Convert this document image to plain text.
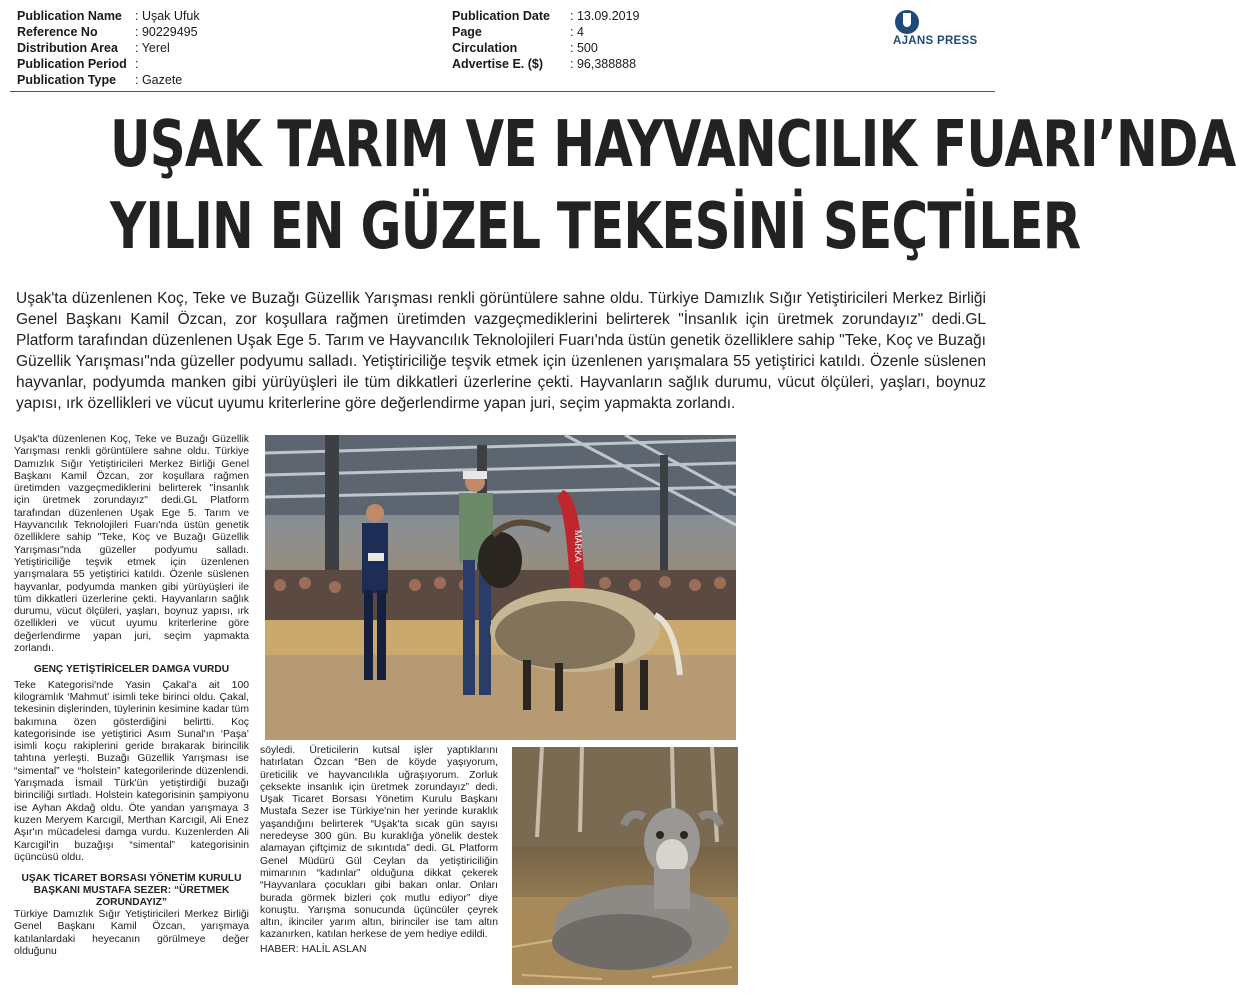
Publication Name	: Uşak Ufuk
Reference No	: 90229495
Distribution Area	: Yerel
Publication Period :
Publication Type	: Gazete
Publication Date	: 13.09.2019
Page	: 4
Circulation	: 500
Advertise E. ($)	: 96,388888
AJANS PRESS
UŞAK TARIM VE HAYVANCILIK FUARI’NDA
YILIN EN GÜZEL TEKESİNİ SEÇTİLER
Uşak'ta düzenlenen Koç, Teke ve Buzağı Güzellik Yarışması renkli görüntülere sahne oldu. Türkiye Damızlık Sığır Yetiştiricileri Merkez Birliği Genel Başkanı Kamil Özcan, zor koşullara rağmen üretimden vazgeçmediklerini belirterek "İnsanlık için üretmek zorundayız" dedi.GL Platform tarafından düzenlenen Uşak Ege 5. Tarım ve Hayvancılık Teknolojileri Fuarı'nda üstün genetik özelliklere sahip "Teke, Koç ve Buzağı Güzellik Yarışması"nda güzeller podyumu salladı. Yetiştiriciliğe teşvik etmek için üzenlenen yarışmalara 55 yetiştirici katıldı. Özenle süslenen hayvanlar, podyumda manken gibi yürüyüşleri ile tüm dikkatleri üzerlerine çekti. Hayvanların sağlık durumu, vücut ölçüleri, yaşları, boynuz yapısı, ırk özellikleri ve vücut uyumu kriterlerine göre değerlendirme yapan juri, seçim yapmakta zorlandı.

Uşak'ta düzenlenen Koç, Teke ve Buzağı Güzellik Yarışması renkli görüntülere sahne oldu. Türkiye Damızlık Sığır Yetiştiricileri Merkez Birliği Genel Başkanı Kamil Özcan, zor koşullara rağmen üretimden vazgeçmediklerini belirterek "İnsanlık için üretmek zorundayız" dedi.GL Platform tarafından düzenlenen Uşak Ege 5. Tarım ve Hayvancılık Teknolojileri Fuarı'nda üstün genetik özelliklere sahip "Teke, Koç ve Buzağı Güzellik Yarışması"nda güzeller podyumu salladı. Yetiştiriciliğe teşvik etmek için üzenlenen yarışmalara 55 yetiştirici katıldı. Özenle süslenen hayvanlar, podyumda manken gibi yürüyüşleri ile tüm dikkatleri üzerlerine çekti. Hayvanların sağlık durumu, vücut ölçüleri, yaşları, boynuz yapısı, ırk özellikleri ve vücut uyumu kriterlerine göre değerlendirme yapan juri, seçim yapmakta zorlandı.

GENÇ YETİŞTİRİCELER DAMGA VURDU

Teke Kategorisi'nde Yasin Çakal'a ait 100 kilogramlık ‘Mahmut’ isimli teke birinci oldu. Çakal, tekesinin dişlerinden, tüylerinin kesimine kadar tüm bakımına özen gösterdiğini belirtti. Koç kategorisinde ise yetiştirici Asım Sunal'ın ‘Paşa’ isimli koçu rakiplerini geride bırakarak birincilik tahtına yerleşti. Buzağı Güzellik Yarışması ise “simental” ve “holstein” kategorilerinde düzenlendi. Yarışmada İsmail Türk'ün yetiştirdiği buzağı birinciliği sırtladı. Holstein kategorisinin şampiyonu ise Ayhan Akdağ oldu. Öte yandan yarışmaya 3 kuzen Meryem Karcıgil, Merthan Karcıgil, Ali Enez Aşır'ın mücadelesi damga vurdu. Kuzenlerden Ali Karcıgil'in buzağışı “simental” kategorisinin üçüncüsü oldu.

UŞAK TİCARET BORSASI YÖNETİM KURULU BAŞKANI MUSTAFA SEZER: “ÜRETMEK ZORUNDAYIZ”

Türkiye Damızlık Sığır Yetiştiricileri Merkez Birliği Genel Başkanı Kamil Özcan, yarışmaya katılanlardaki heyecanın görülmeye değer olduğunu

söyledi. Üreticilerin kutsal işler yaptıklarını hatırlatan Özcan “Ben de köyde yaşıyorum, üreticilik ve hayvancılıkla uğraşıyorum. Zorluk çeksekte insanlık için üretmek zorundayız” dedi. Uşak Ticaret Borsası Yönetim Kurulu Başkanı Mustafa Sezer ise Türkiye'nin her yerinde kuraklık yaşandığını belirterek “Uşak'ta sıcak gün sayısı neredeyse 300 gün. Bu kuraklığa yönelik destek alamayan çiftçimiz de sıkıntıda” dedi. GL Platform Genel Müdürü Gül Ceylan da yetiştiriciliğin mimarının “kadınlar” olduğuna dikkat çekerek “Hayvanlara çocukları gibi bakan onlar. Onları burada görmek bizleri çok mutlu ediyor” diye konuştu. Yarışma sonucunda üçüncüler çeyrek altın, ikinciler yarım altın, birinciler ise tam altın kazanırken, katılan herkese de yem hediye edildi.

HABER: HALİL ASLAN

MARKA
